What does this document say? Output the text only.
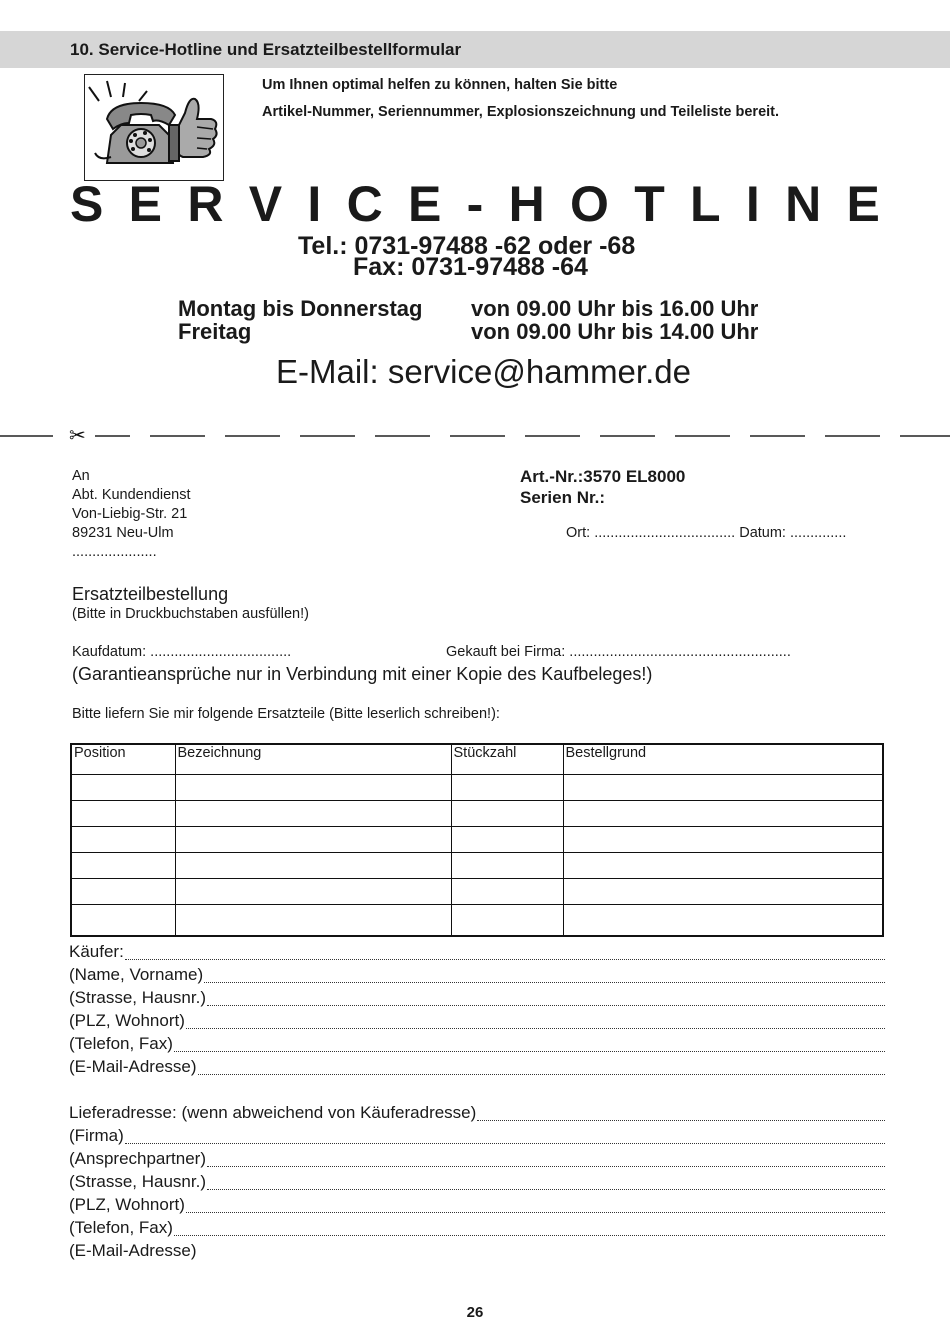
10. Service-Hotline und Ersatzteilbestellformular
Um Ihnen optimal helfen zu können, halten Sie bitte
Artikel-Nummer, Seriennummer, Explosionszeichnung und Teileliste bereit.
S E R V I C E - H O T L I N E
Tel.: 0731-97488 -62 oder -68
Fax: 0731-97488 -64
Montag bis Donnerstag von 09.00 Uhr bis 16.00 Uhr
Freitag	von 09.00 Uhr bis 14.00 Uhr
E-Mail: service@hammer.de
✂
An
Abt. Kundendienst
Von-Liebig-Str. 21
89231 Neu-Ulm
.....................
Art.-Nr.:3570 EL8000
Serien Nr.:
Ort: ................................... Datum: ..............
Ersatzteilbestellung
(Bitte in Druckbuchstaben ausfüllen!)
Kaufdatum: ...................................	Gekauft bei Firma: .......................................................
(Garantieansprüche nur in Verbindung mit einer Kopie des Kaufbeleges!)
Bitte liefern Sie mir folgende Ersatzteile (Bitte leserlich schreiben!):
Position	Bezeichnung	Stückzahl	Bestellgrund

Käufer:
(Name, Vorname)
(Strasse, Hausnr.)
(PLZ, Wohnort)
(Telefon, Fax)
(E-Mail-Adresse)
Lieferadresse: (wenn abweichend von Käuferadresse)
(Firma)
(Ansprechpartner)
(Strasse, Hausnr.)
(PLZ, Wohnort)
(Telefon, Fax)
(E-Mail-Adresse)
26
